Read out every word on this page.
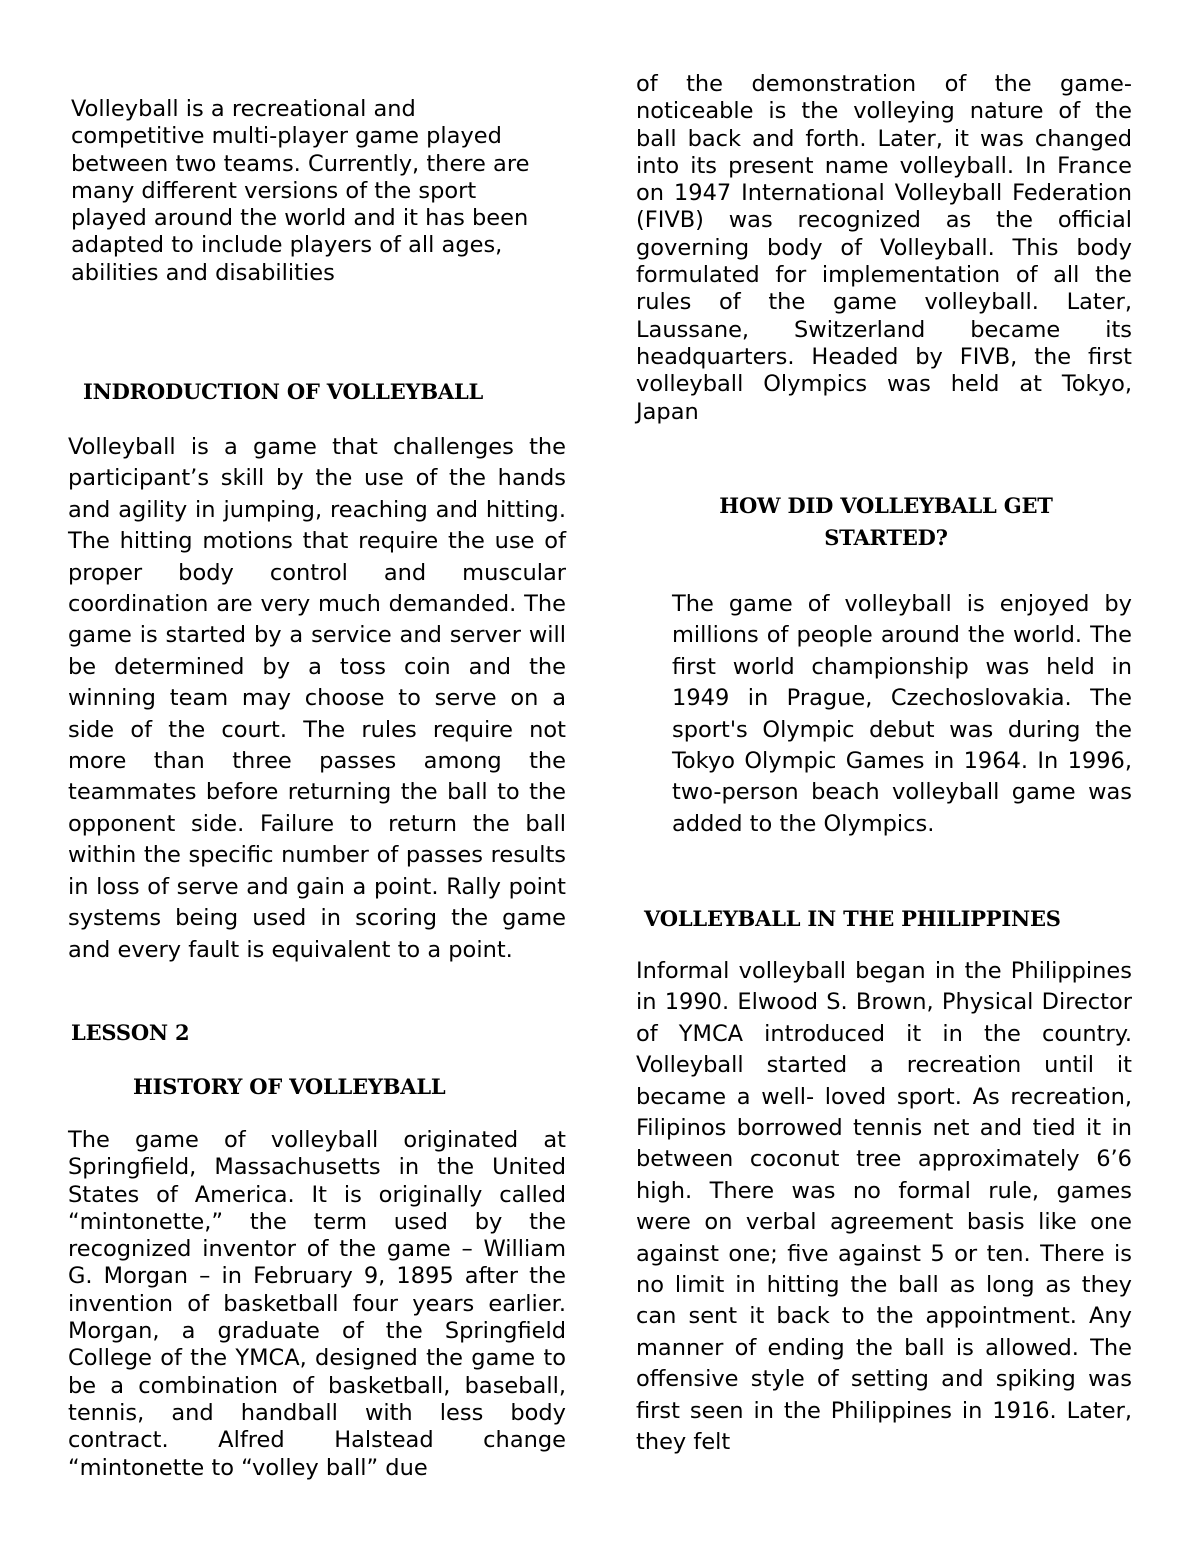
Volleyball is a recreational and competitive multi-player game played between two teams. Currently, there are many different versions of the sport played around the world and it has been adapted to include players of all ages, abilities and disabilities

INDRODUCTION OF VOLLEYBALL

Volleyball is a game that challenges the participant’s skill by the use of the hands and agility in jumping, reaching and hitting. The hitting motions that require the use of proper body control and muscular coordination are very much demanded. The game is started by a service and server will be determined by a toss coin and the winning team may choose to serve on a side of the court. The rules require not more than three passes among the teammates before returning the ball to the opponent side. Failure to return the ball within the specific number of passes results in loss of serve and gain a point. Rally point systems being used in scoring the game and every fault is equivalent to a point.

LESSON 2
HISTORY OF VOLLEYBALL

The game of volleyball originated at Springfield, Massachusetts in the United States of America. It is originally called “mintonette,” the term used by the recognized inventor of the game – William G. Morgan – in February 9, 1895 after the invention of basketball four years earlier. Morgan, a graduate of the Springfield College of the YMCA, designed the game to be a combination of basketball, baseball, tennis, and handball with less body contract. Alfred Halstead change “mintonette to “volley ball” due

of the demonstration of the game- noticeable is the volleying nature of the ball back and forth. Later, it was changed into its present name volleyball. In France on 1947 International Volleyball Federation (FIVB) was recognized as the official governing body of Volleyball. This body formulated for implementation of all the rules of the game volleyball. Later, Laussane, Switzerland became its headquarters. Headed by FIVB, the first volleyball Olympics was held at Tokyo, Japan

HOW DID VOLLEYBALL GET STARTED?

The game of volleyball is enjoyed by millions of people around the world. The first world championship was held in 1949 in Prague, Czechoslovakia. The sport's Olympic debut was during the Tokyo Olympic Games in 1964. In 1996, two-person beach volleyball game was added to the Olympics.

VOLLEYBALL IN THE PHILIPPINES

Informal volleyball began in the Philippines in 1990. Elwood S. Brown, Physical Director of YMCA introduced it in the country. Volleyball started a recreation until it became a well- loved sport. As recreation, Filipinos borrowed tennis net and tied it in between coconut tree approximately 6’6 high. There was no formal rule, games were on verbal agreement basis like one against one; five against 5 or ten. There is no limit in hitting the ball as long as they can sent it back to the appointment. Any manner of ending the ball is allowed. The offensive style of setting and spiking was first seen in the Philippines in 1916. Later, they felt
